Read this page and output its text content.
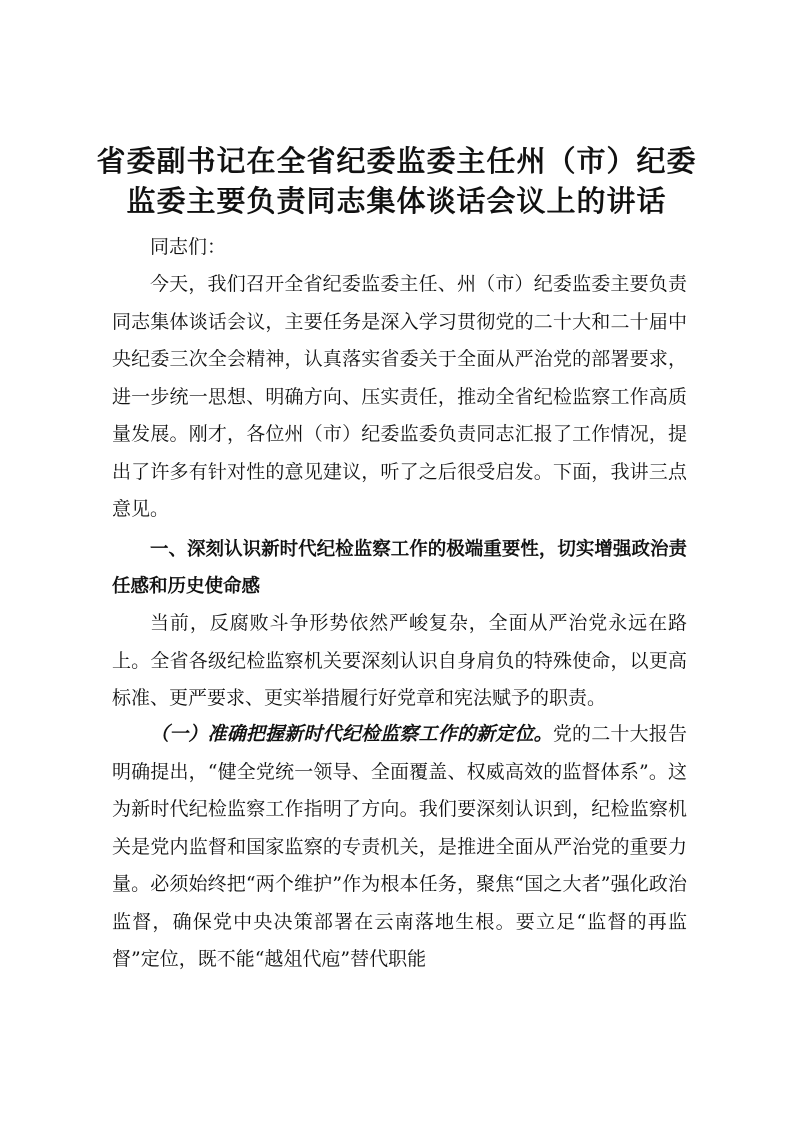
省委副书记在全省纪委监委主任州（市）纪委
监委主要负责同志集体谈话会议上的讲话
同志们：
今天，我们召开全省纪委监委主任、州（市）纪委监委主要负责同志集体谈话会议，主要任务是深入学习贯彻党的二十大和二十届中央纪委三次全会精神，认真落实省委关于全面从严治党的部署要求，进一步统一思想、明确方向、压实责任，推动全省纪检监察工作高质量发展。刚才，各位州（市）纪委监委负责同志汇报了工作情况，提出了许多有针对性的意见建议，听了之后很受启发。下面，我讲三点意见。
一、深刻认识新时代纪检监察工作的极端重要性，切实增强政治责任感和历史使命感
当前，反腐败斗争形势依然严峻复杂，全面从严治党永远在路上。全省各级纪检监察机关要深刻认识自身肩负的特殊使命，以更高标准、更严要求、更实举措履行好党章和宪法赋予的职责。
（一）准确把握新时代纪检监察工作的新定位。党的二十大报告明确提出，“健全党统一领导、全面覆盖、权威高效的监督体系”。这为新时代纪检监察工作指明了方向。我们要深刻认识到，纪检监察机关是党内监督和国家监察的专责机关，是推进全面从严治党的重要力量。必须始终把“两个维护”作为根本任务，聚焦“国之大者”强化政治监督，确保党中央决策部署在云南落地生根。要立足“监督的再监督”定位，既不能“越俎代庖”替代职能
